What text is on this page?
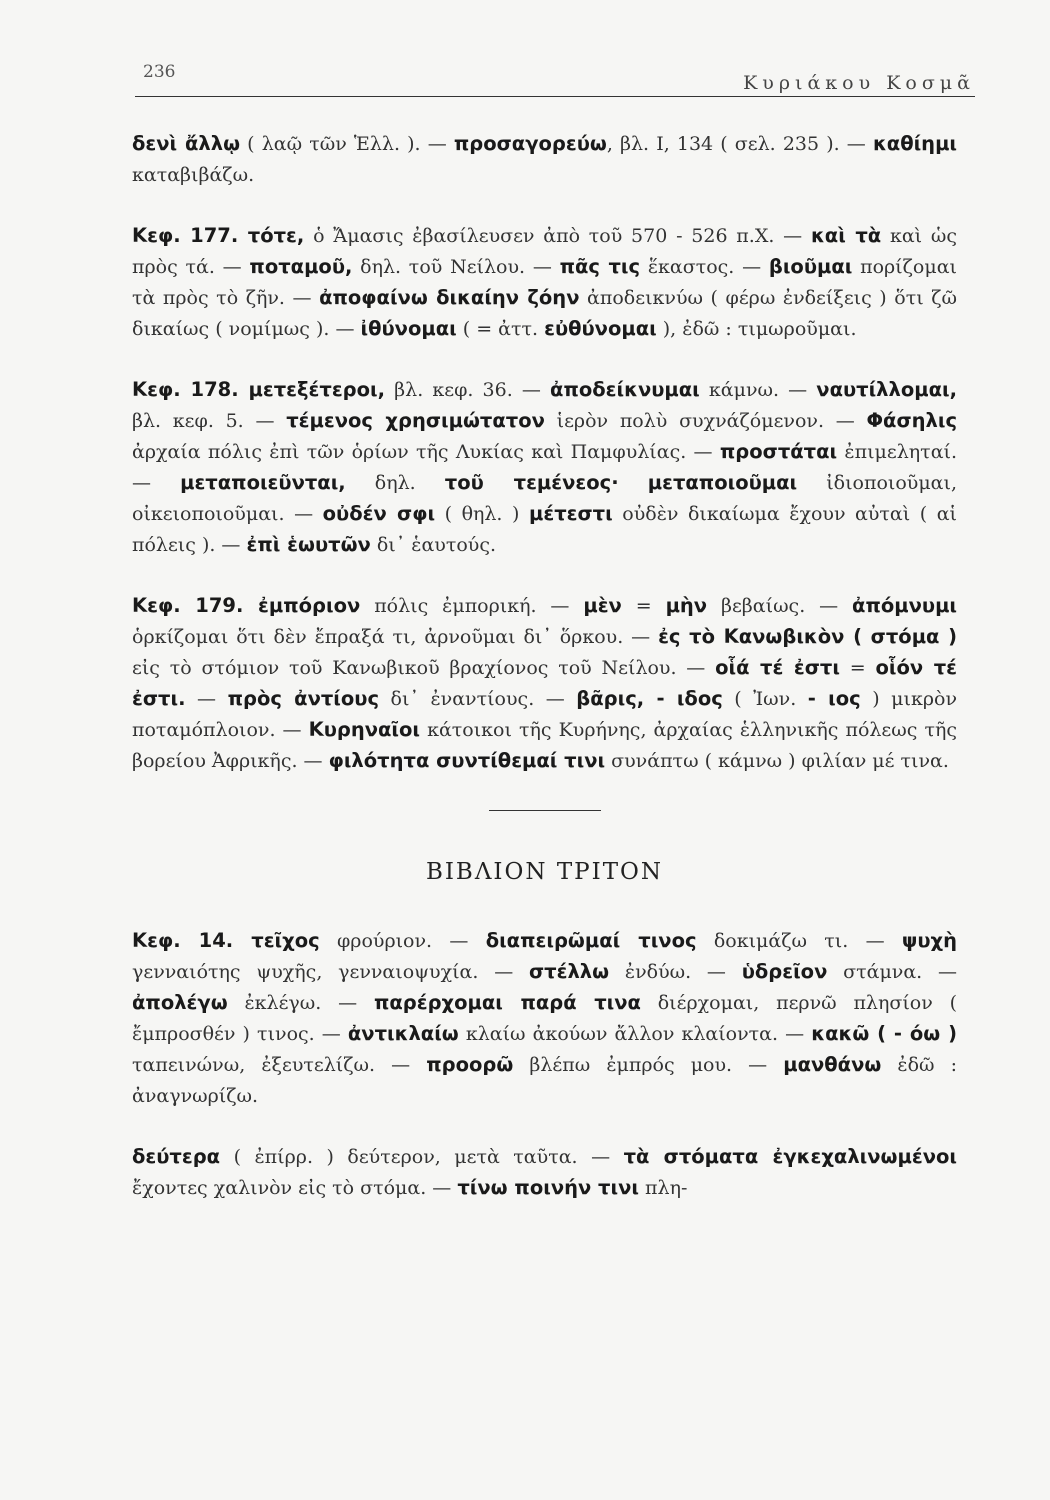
236	Κυριάκου Κοσμᾶ
δενὶ ἄλλῳ ( λαῷ τῶν Ἑλλ. ). — προσαγορεύω, βλ. Ι, 134 ( σελ. 235 ). — καθίημι καταβιβάζω.
Κεφ. 177. τότε, ὁ Ἄμασις ἐβασίλευσεν ἀπὸ τοῦ 570 - 526 π.Χ. — καὶ τὰ καὶ ὡς πρὸς τά. — ποταμοῦ, δηλ. τοῦ Νείλου. — πᾶς τις ἕκαστος. — βιοῦμαι πορίζομαι τὰ πρὸς τὸ ζῆν. — ἀποφαίνω δικαίην ζόην ἀποδεικνύω ( φέρω ἐνδείξεις ) ὅτι ζῶ δικαίως ( νομίμως ). — ἰθύνομαι ( = ἀττ. εὐθύνομαι ), ἐδῶ : τιμωροῦμαι.
Κεφ. 178. μετεξέτεροι, βλ. κεφ. 36. — ἀποδείκνυμαι κάμνω. — ναυτίλλομαι, βλ. κεφ. 5. — τέμενος χρησιμώτατον ἱερὸν πολὺ συχνάζόμενον. — Φάσηλις ἀρχαία πόλις ἐπὶ τῶν ὁρίων τῆς Λυκίας καὶ Παμφυλίας. — προστάται ἐπιμεληταί. — μεταποιεῦνται, δηλ. τοῦ τεμένεος· μεταποιοῦμαι ἰδιοποιοῦμαι, οἰκειοποιοῦμαι. — οὐδέν σφι ( θηλ. ) μέτεστι οὐδὲν δικαίωμα ἔχουν αὐταὶ ( αἱ πόλεις ). — ἐπὶ ἑωυτῶν δι᾽ ἑαυτούς.
Κεφ. 179. ἐμπόριον πόλις ἐμπορική. — μὲν = μὴν βεβαίως. — ἀπόμνυμι ὁρκίζομαι ὅτι δὲν ἔπραξά τι, ἀρνοῦμαι δι᾽ ὅρκου. — ἐς τὸ Κανωβικὸν ( στόμα ) εἰς τὸ στόμιον τοῦ Κανωβικοῦ βραχίονος τοῦ Νείλου. — οἷά τέ ἐστι = οἷόν τέ ἐστι. — πρὸς ἀντίους δι᾽ ἐναντίους. — βᾶρις, - ιδος ( Ἰων. - ιος ) μικρὸν ποταμόπλοιον. — Κυρηναῖοι κάτοικοι τῆς Κυρήνης, ἀρχαίας ἑλληνικῆς πόλεως τῆς βορείου Ἀφρικῆς. — φιλότητα συντίθεμαί τινι συνάπτω ( κάμνω ) φιλίαν μέ τινα.
ΒΙΒΛΙΟΝ ΤΡΙΤΟΝ
Κεφ. 14. τεῖχος φρούριον. — διαπειρῶμαί τινος δοκιμάζω τι. — ψυχὴ γενναιότης ψυχῆς, γενναιοψυχία. — στέλλω ἐνδύω. — ὑδρεῖον στάμνα. — ἀπολέγω ἐκλέγω. — παρέρχομαι παρά τινα διέρχομαι, περνῶ πλησίον ( ἔμπροσθέν ) τινος. — ἀντικλαίω κλαίω ἀκούων ἄλλον κλαίοντα. — κακῶ ( - όω ) ταπεινώνω, ἐξευτελίζω. — προορῶ βλέπω ἐμπρός μου. — μανθάνω ἐδῶ : ἀναγνωρίζω.
δεύτερα ( ἐπίρρ. ) δεύτερον, μετὰ ταῦτα. — τὰ στόματα ἐγκεχαλινωμένοι ἔχοντες χαλινὸν εἰς τὸ στόμα. — τίνω ποινήν τινι πλη-
